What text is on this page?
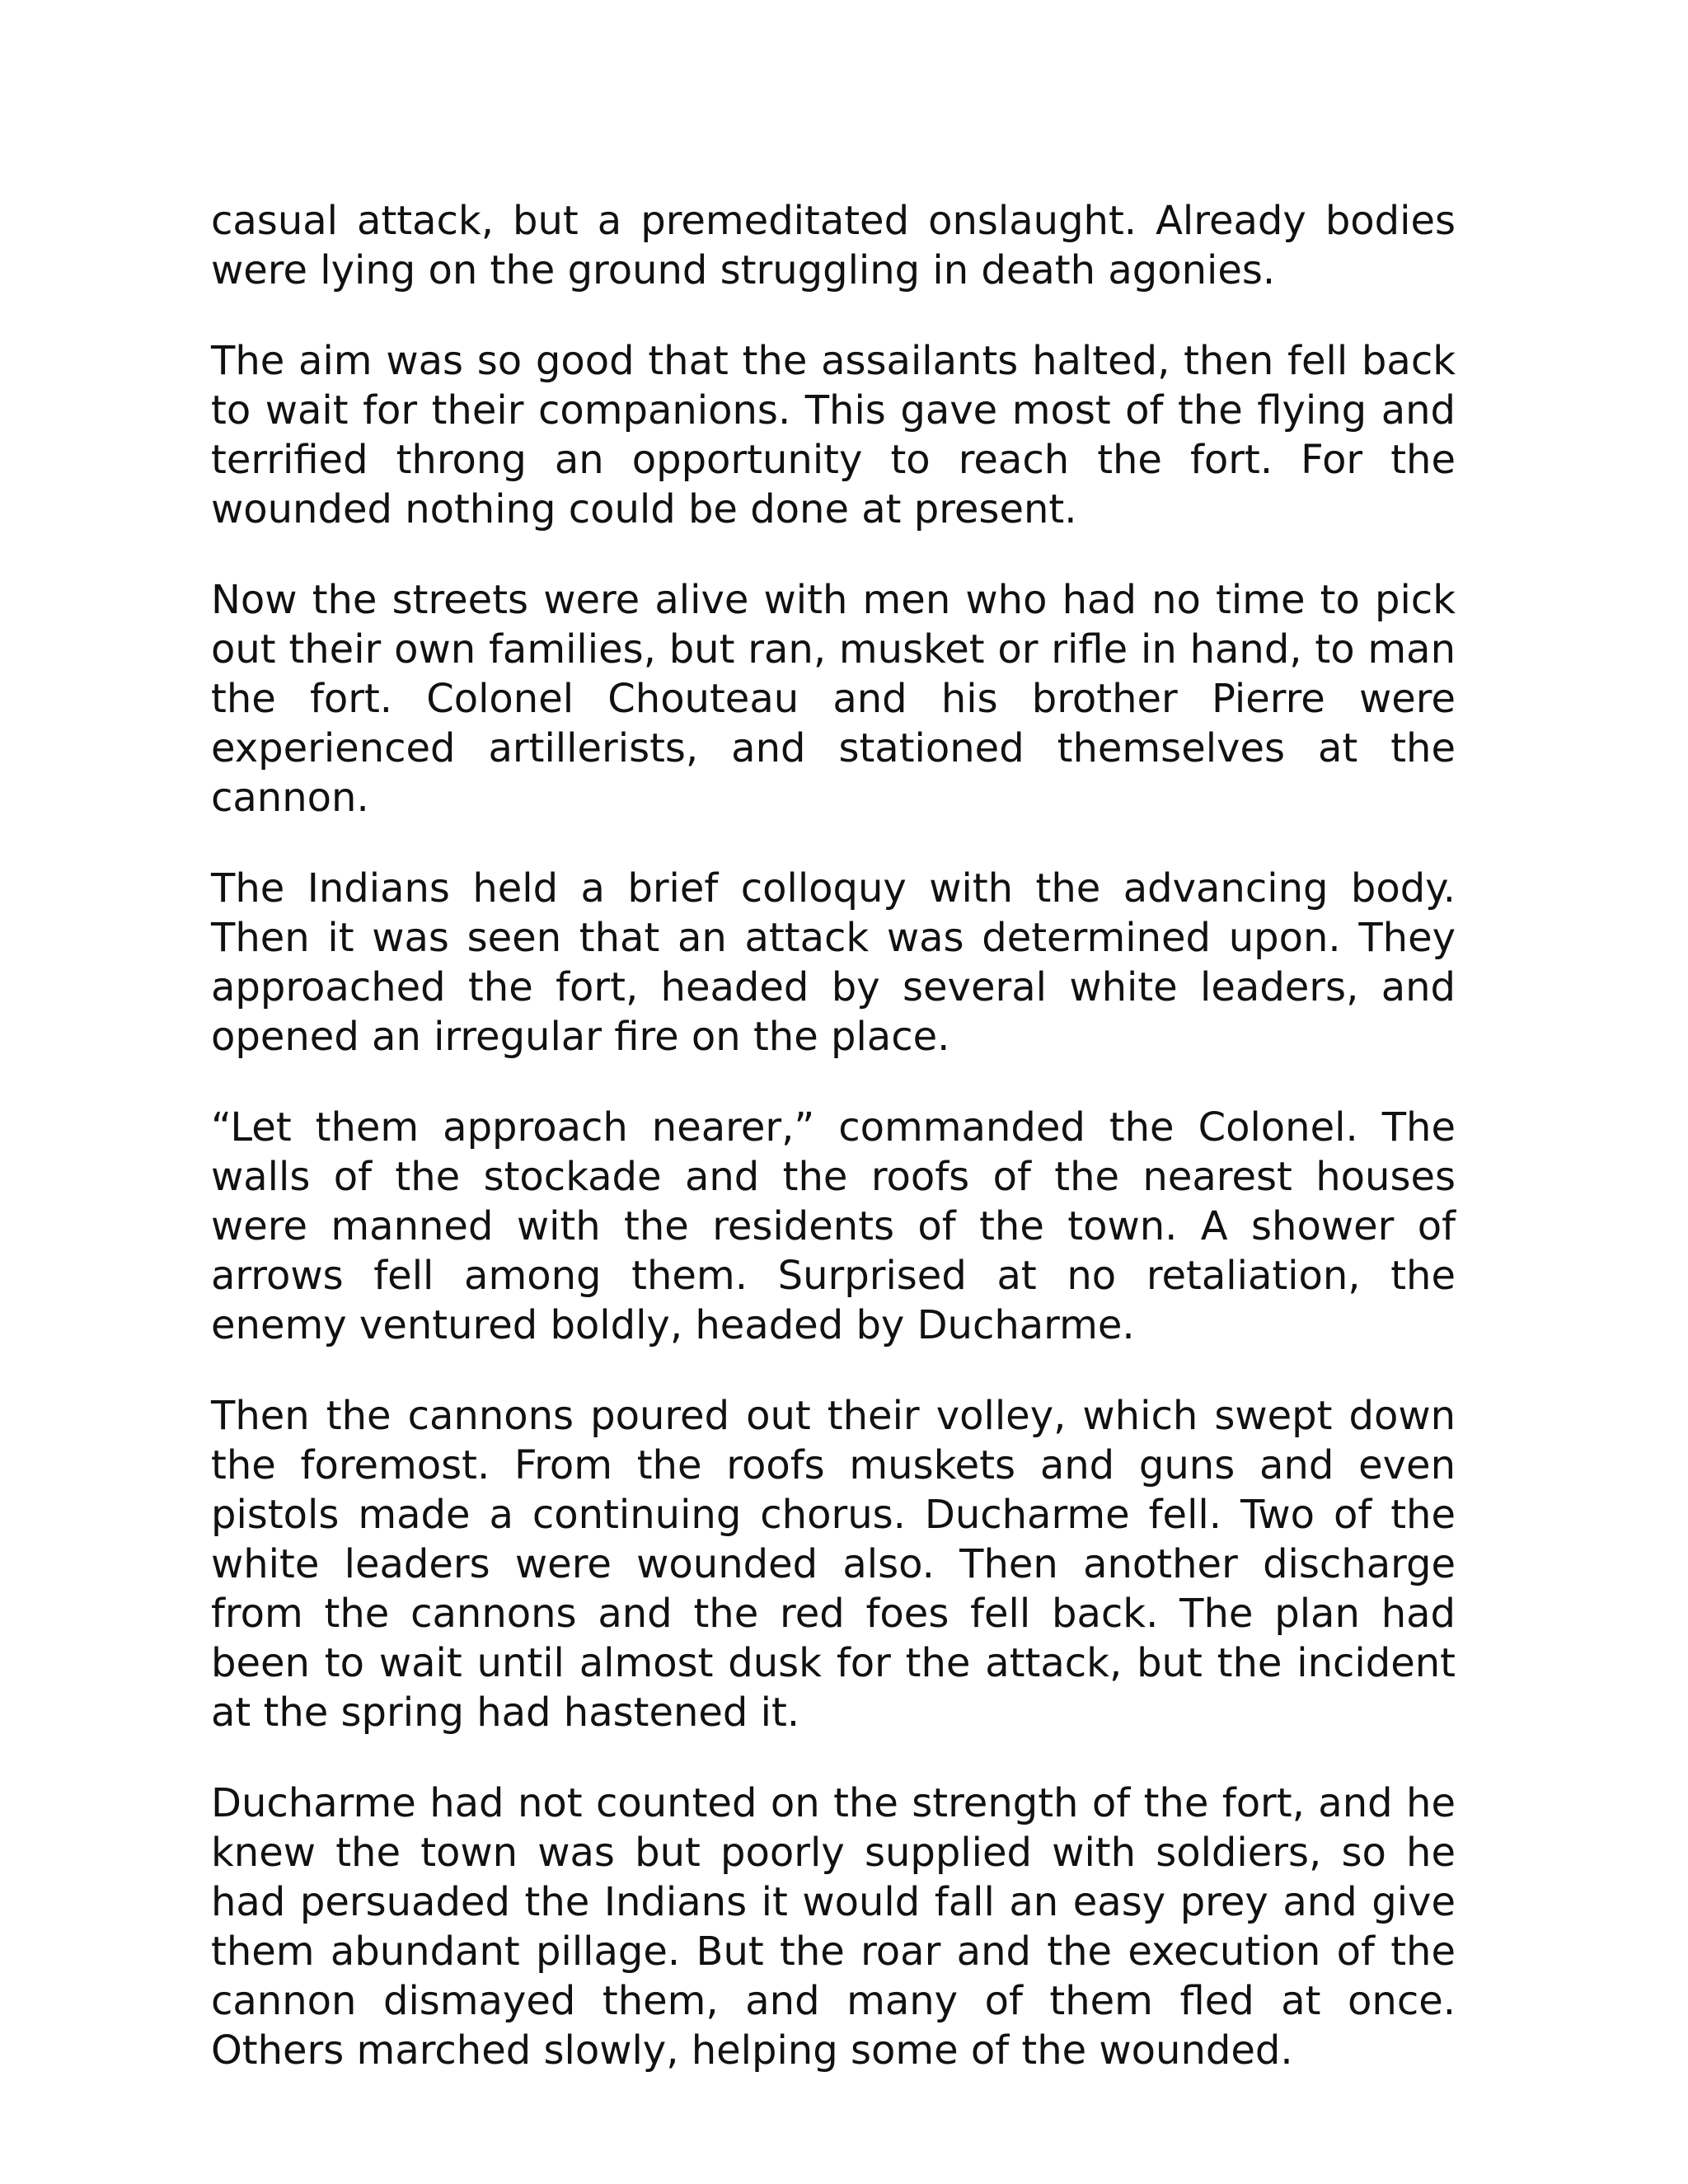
casual attack, but a premeditated onslaught. Already bodies were lying on the ground struggling in death agonies.

The aim was so good that the assailants halted, then fell back to wait for their companions. This gave most of the flying and terrified throng an opportunity to reach the fort. For the wounded nothing could be done at present.

Now the streets were alive with men who had no time to pick out their own families, but ran, musket or rifle in hand, to man the fort. Colonel Chouteau and his brother Pierre were experienced artillerists, and stationed themselves at the cannon.

The Indians held a brief colloquy with the advancing body. Then it was seen that an attack was determined upon. They approached the fort, headed by several white leaders, and opened an irregular fire on the place.

“Let them approach nearer,” commanded the Colonel. The walls of the stockade and the roofs of the nearest houses were manned with the residents of the town. A shower of arrows fell among them. Surprised at no retaliation, the enemy ventured boldly, headed by Ducharme.

Then the cannons poured out their volley, which swept down the foremost. From the roofs muskets and guns and even pistols made a continuing chorus. Ducharme fell. Two of the white leaders were wounded also. Then another discharge from the cannons and the red foes fell back. The plan had been to wait until almost dusk for the attack, but the incident at the spring had hastened it.

Ducharme had not counted on the strength of the fort, and he knew the town was but poorly supplied with soldiers, so he had persuaded the Indians it would fall an easy prey and give them abundant pillage. But the roar and the execution of the cannon dismayed them, and many of them fled at once. Others marched slowly, helping some of the wounded.
